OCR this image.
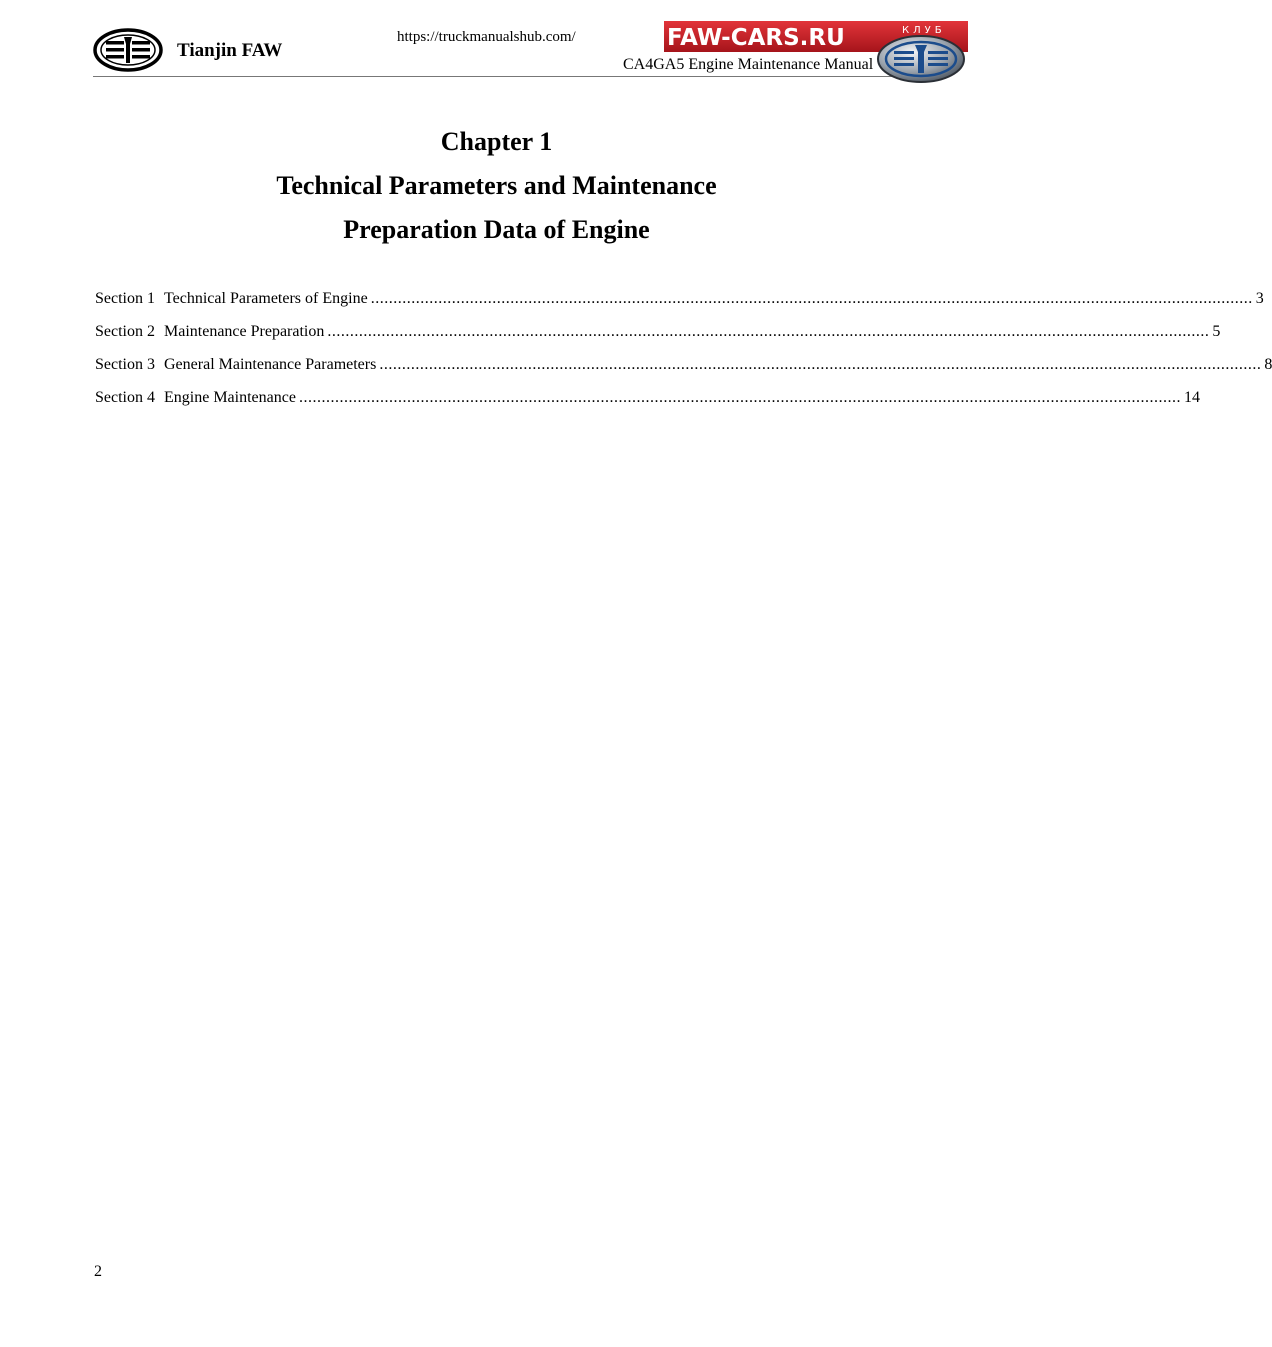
Tianjin FAW
https://truckmanualshub.com/
CA4GA5 Engine Maintenance Manual
FAW-CARS.RU	КЛУБ
Chapter 1
Technical Parameters and Maintenance
Preparation Data of Engine
Section 1 Technical Parameters of Engine .................................................................................................................................................................................................... 3
Section 2 Maintenance Preparation .................................................................................................................................................................................................... 5
Section 3 General Maintenance Parameters .................................................................................................................................................................................................... 8
Section 4 Engine Maintenance .................................................................................................................................................................................................... 14
2
